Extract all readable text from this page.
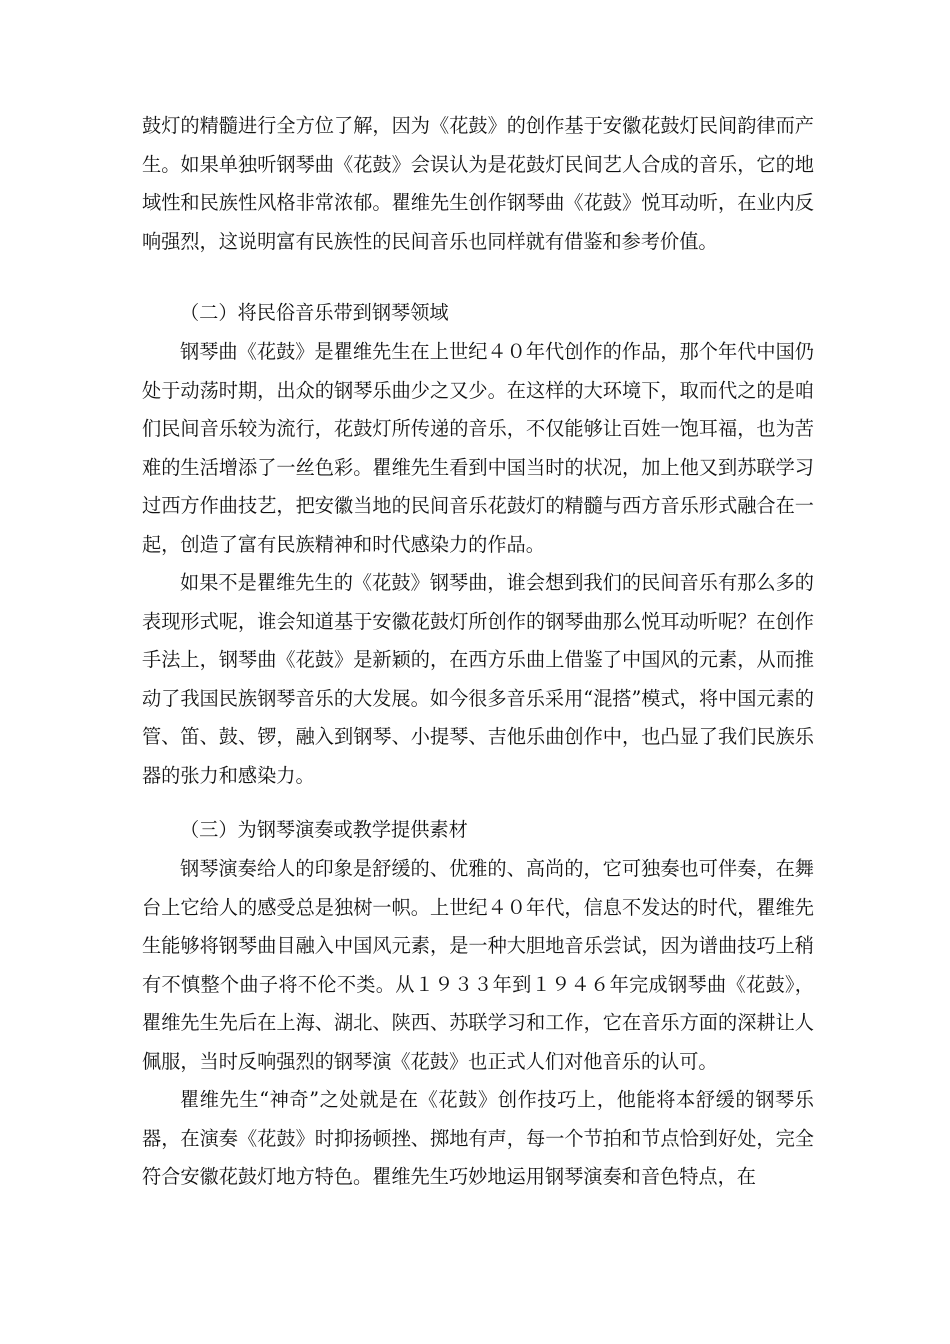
鼓灯的精髓进行全方位了解，因为《花鼓》的创作基于安徽花鼓灯民间韵律而产生。如果单独听钢琴曲《花鼓》会误认为是花鼓灯民间艺人合成的音乐，它的地域性和民族性风格非常浓郁。瞿维先生创作钢琴曲《花鼓》悦耳动听，在业内反响强烈，这说明富有民族性的民间音乐也同样就有借鉴和参考价值。

（二）将民俗音乐带到钢琴领域

钢琴曲《花鼓》是瞿维先生在上世纪４０年代创作的作品，那个年代中国仍处于动荡时期，出众的钢琴乐曲少之又少。在这样的大环境下，取而代之的是咱们民间音乐较为流行，花鼓灯所传递的音乐，不仅能够让百姓一饱耳福，也为苦难的生活增添了一丝色彩。瞿维先生看到中国当时的状况，加上他又到苏联学习过西方作曲技艺，把安徽当地的民间音乐花鼓灯的精髓与西方音乐形式融合在一起，创造了富有民族精神和时代感染力的作品。

如果不是瞿维先生的《花鼓》钢琴曲，谁会想到我们的民间音乐有那么多的表现形式呢，谁会知道基于安徽花鼓灯所创作的钢琴曲那么悦耳动听呢？在创作手法上，钢琴曲《花鼓》是新颖的，在西方乐曲上借鉴了中国风的元素，从而推动了我国民族钢琴音乐的大发展。如今很多音乐采用“混搭”模式，将中国元素的管、笛、鼓、锣，融入到钢琴、小提琴、吉他乐曲创作中，也凸显了我们民族乐器的张力和感染力。

（三）为钢琴演奏或教学提供素材

钢琴演奏给人的印象是舒缓的、优雅的、高尚的，它可独奏也可伴奏，在舞台上它给人的感受总是独树一帜。上世纪４０年代，信息不发达的时代，瞿维先生能够将钢琴曲目融入中国风元素，是一种大胆地音乐尝试，因为谱曲技巧上稍有不慎整个曲子将不伦不类。从１９３３年到１９４６年完成钢琴曲《花鼓》，瞿维先生先后在上海、湖北、陕西、苏联学习和工作，它在音乐方面的深耕让人佩服，当时反响强烈的钢琴演《花鼓》也正式人们对他音乐的认可。

瞿维先生“神奇”之处就是在《花鼓》创作技巧上，他能将本舒缓的钢琴乐器，在演奏《花鼓》时抑扬顿挫、掷地有声，每一个节拍和节点恰到好处，完全符合安徽花鼓灯地方特色。瞿维先生巧妙地运用钢琴演奏和音色特点，在
